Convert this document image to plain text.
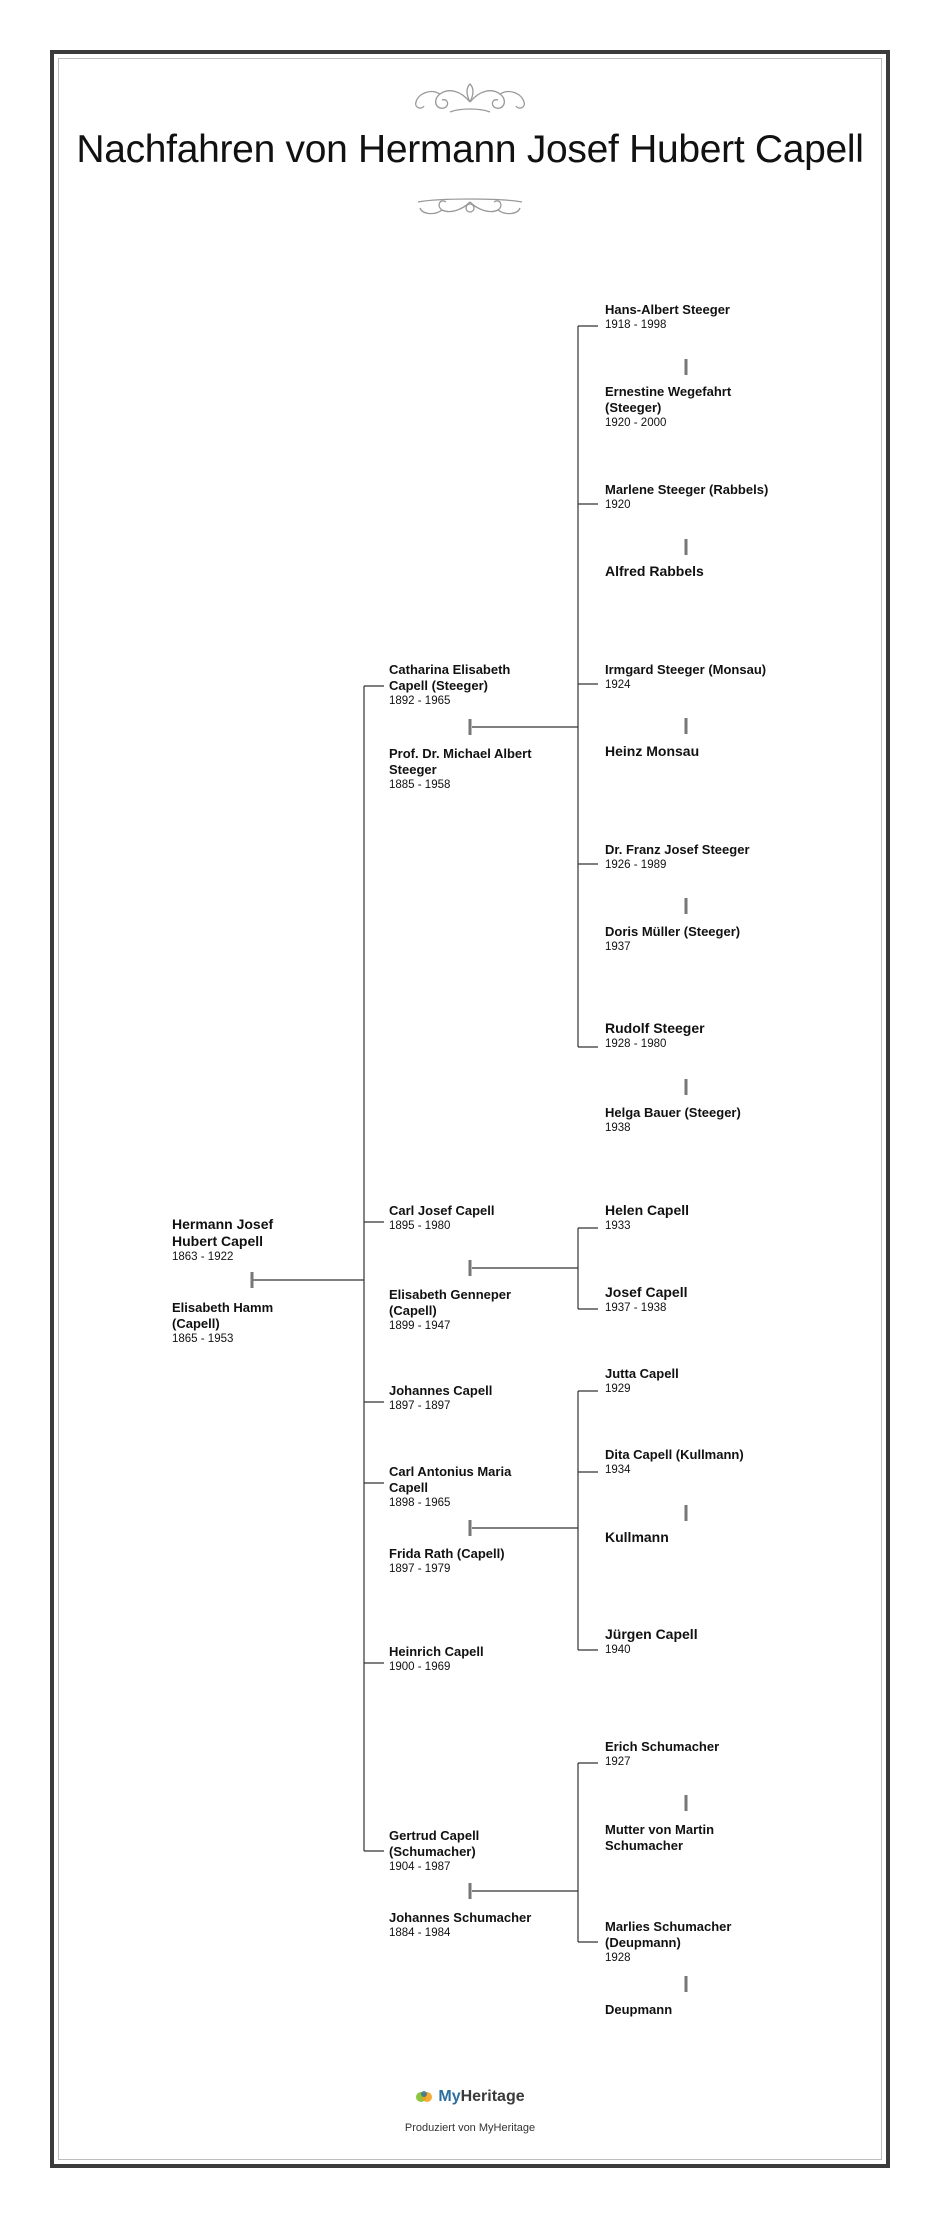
Nachfahren von Hermann Josef Hubert Capell
Hermann Josef Hubert Capell
1863 - 1922
Elisabeth Hamm (Capell)
1865 - 1953
Catharina Elisabeth Capell (Steeger)
1892 - 1965
Prof. Dr. Michael Albert Steeger
1885 - 1958
Carl Josef Capell
1895 - 1980
Elisabeth Genneper (Capell)
1899 - 1947
Johannes Capell
1897 - 1897
Carl Antonius Maria Capell
1898 - 1965
Frida Rath (Capell)
1897 - 1979
Heinrich Capell
1900 - 1969
Gertrud Capell (Schumacher)
1904 - 1987
Johannes Schumacher
1884 - 1984
Hans-Albert Steeger
1918 - 1998
Ernestine Wegefahrt (Steeger)
1920 - 2000
Marlene Steeger (Rabbels)
1920
Alfred Rabbels
Irmgard Steeger (Monsau)
1924
Heinz Monsau
Dr. Franz Josef Steeger
1926 - 1989
Doris Müller (Steeger)
1937
Rudolf Steeger
1928 - 1980
Helga Bauer (Steeger)
1938
Helen Capell
1933
Josef Capell
1937 - 1938
Jutta Capell
1929
Dita Capell (Kullmann)
1934
Kullmann
Jürgen Capell
1940
Erich Schumacher
1927
Mutter von Martin Schumacher
Marlies Schumacher (Deupmann)
1928
Deupmann
My Heritage
Produziert von MyHeritage
